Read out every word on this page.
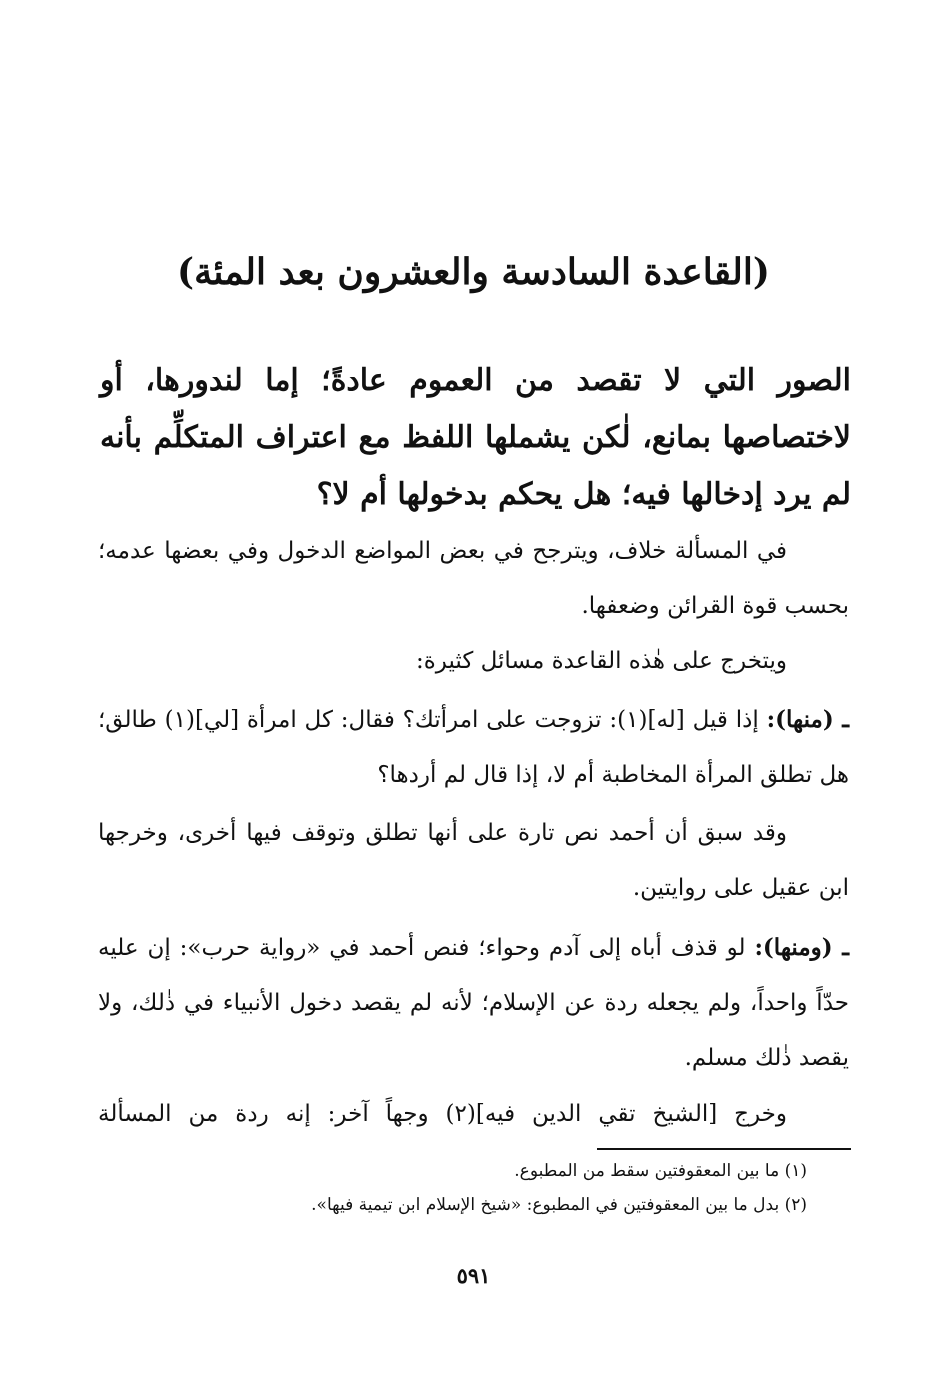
(القاعدة السادسة والعشرون بعد المئة)
الصور التي لا تقصد من العموم عادةً؛ إما لندورها، أو لاختصاصها بمانع، لٰكن يشملها اللفظ مع اعتراف المتكلِّم بأنه لم يرد إدخالها فيه؛ هل يحكم بدخولها أم لا؟

في المسألة خلاف، ويترجح في بعض المواضع الدخول وفي بعضها عدمه؛ بحسب قوة القرائن وضعفها.

ويتخرج على هٰذه القاعدة مسائل كثيرة:

ـ (منها): إذا قيل [له](١): تزوجت على امرأتك؟ فقال: كل امرأة [لي](١) طالق؛ هل تطلق المرأة المخاطبة أم لا، إذا قال لم أردها؟

وقد سبق أن أحمد نص تارة على أنها تطلق وتوقف فيها أخرى، وخرجها ابن عقيل على روايتين.

ـ (ومنها): لو قذف أباه إلى آدم وحواء؛ فنص أحمد في «رواية حرب»: إن عليه حدّاً واحداً، ولم يجعله ردة عن الإسلام؛ لأنه لم يقصد دخول الأنبياء في ذٰلك، ولا يقصد ذٰلك مسلم.

وخرج [الشيخ تقي الدين فيه](٢) وجهاً آخر: إنه ردة من المسألة

(١) ما بين المعقوفتين سقط من المطبوع.
(٢) بدل ما بين المعقوفتين في المطبوع: «شيخ الإسلام ابن تيمية فيها».
٥٩١
